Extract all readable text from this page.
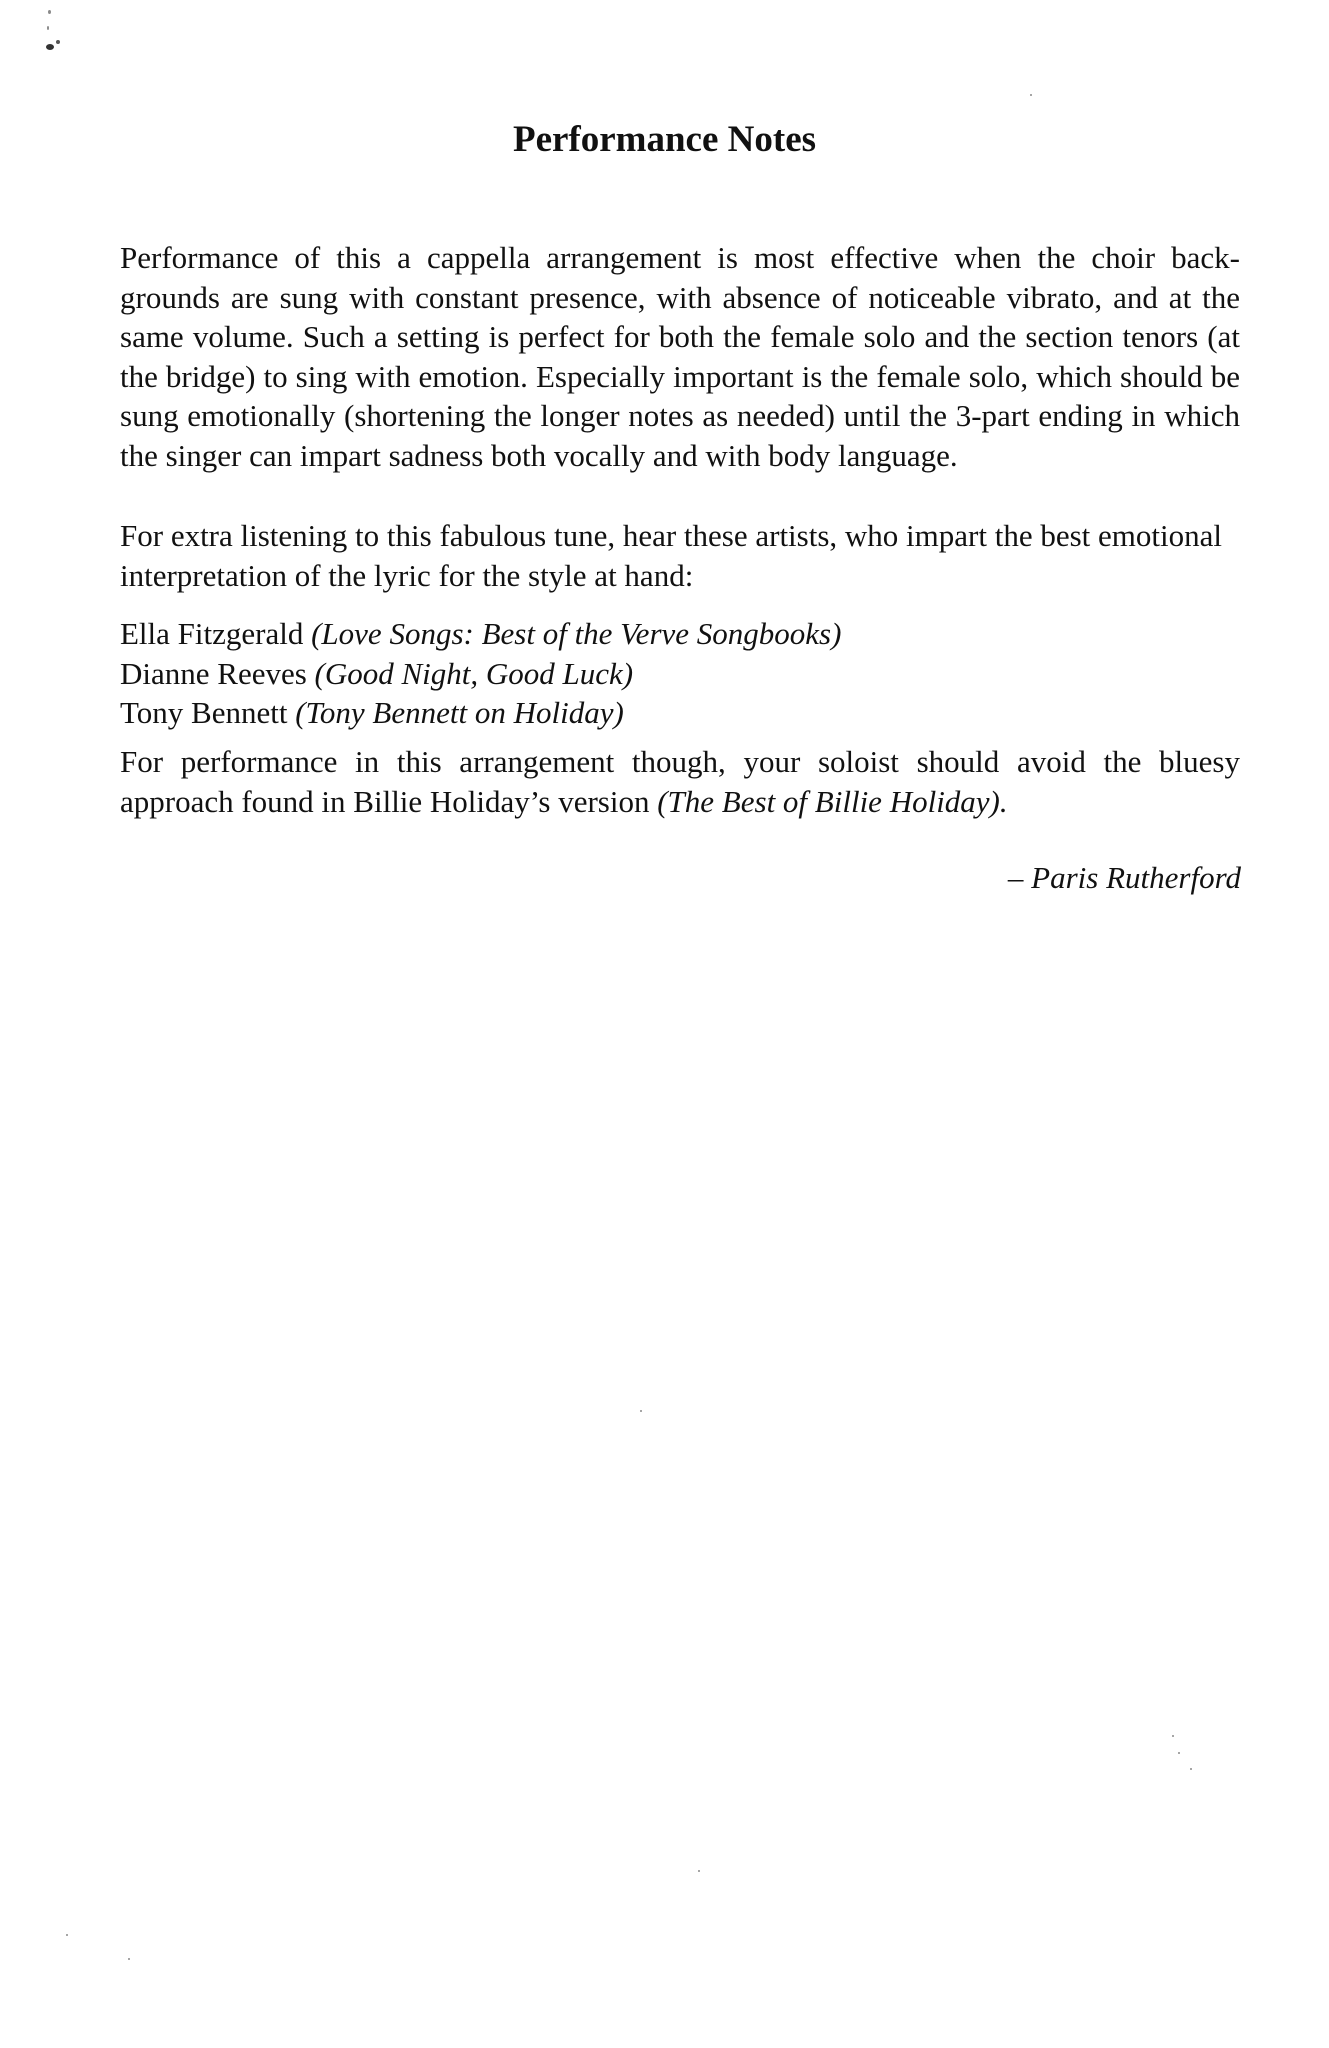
Performance Notes

Performance of this a cappella arrangement is most effective when the choir back-grounds are sung with constant presence, with absence of noticeable vibrato, and at the same volume. Such a setting is perfect for both the female solo and the section tenors (at the bridge) to sing with emotion. Especially important is the female solo, which should be sung emotionally (shortening the longer notes as needed) until the 3-part ending in which the singer can impart sadness both vocally and with body language.

For extra listening to this fabulous tune, hear these artists, who impart the best emotional interpretation of the lyric for the style at hand:

Ella Fitzgerald (Love Songs: Best of the Verve Songbooks)
Dianne Reeves (Good Night, Good Luck)
Tony Bennett (Tony Bennett on Holiday)

For performance in this arrangement though, your soloist should avoid the bluesy approach found in Billie Holiday’s version (The Best of Billie Holiday).

– Paris Rutherford
